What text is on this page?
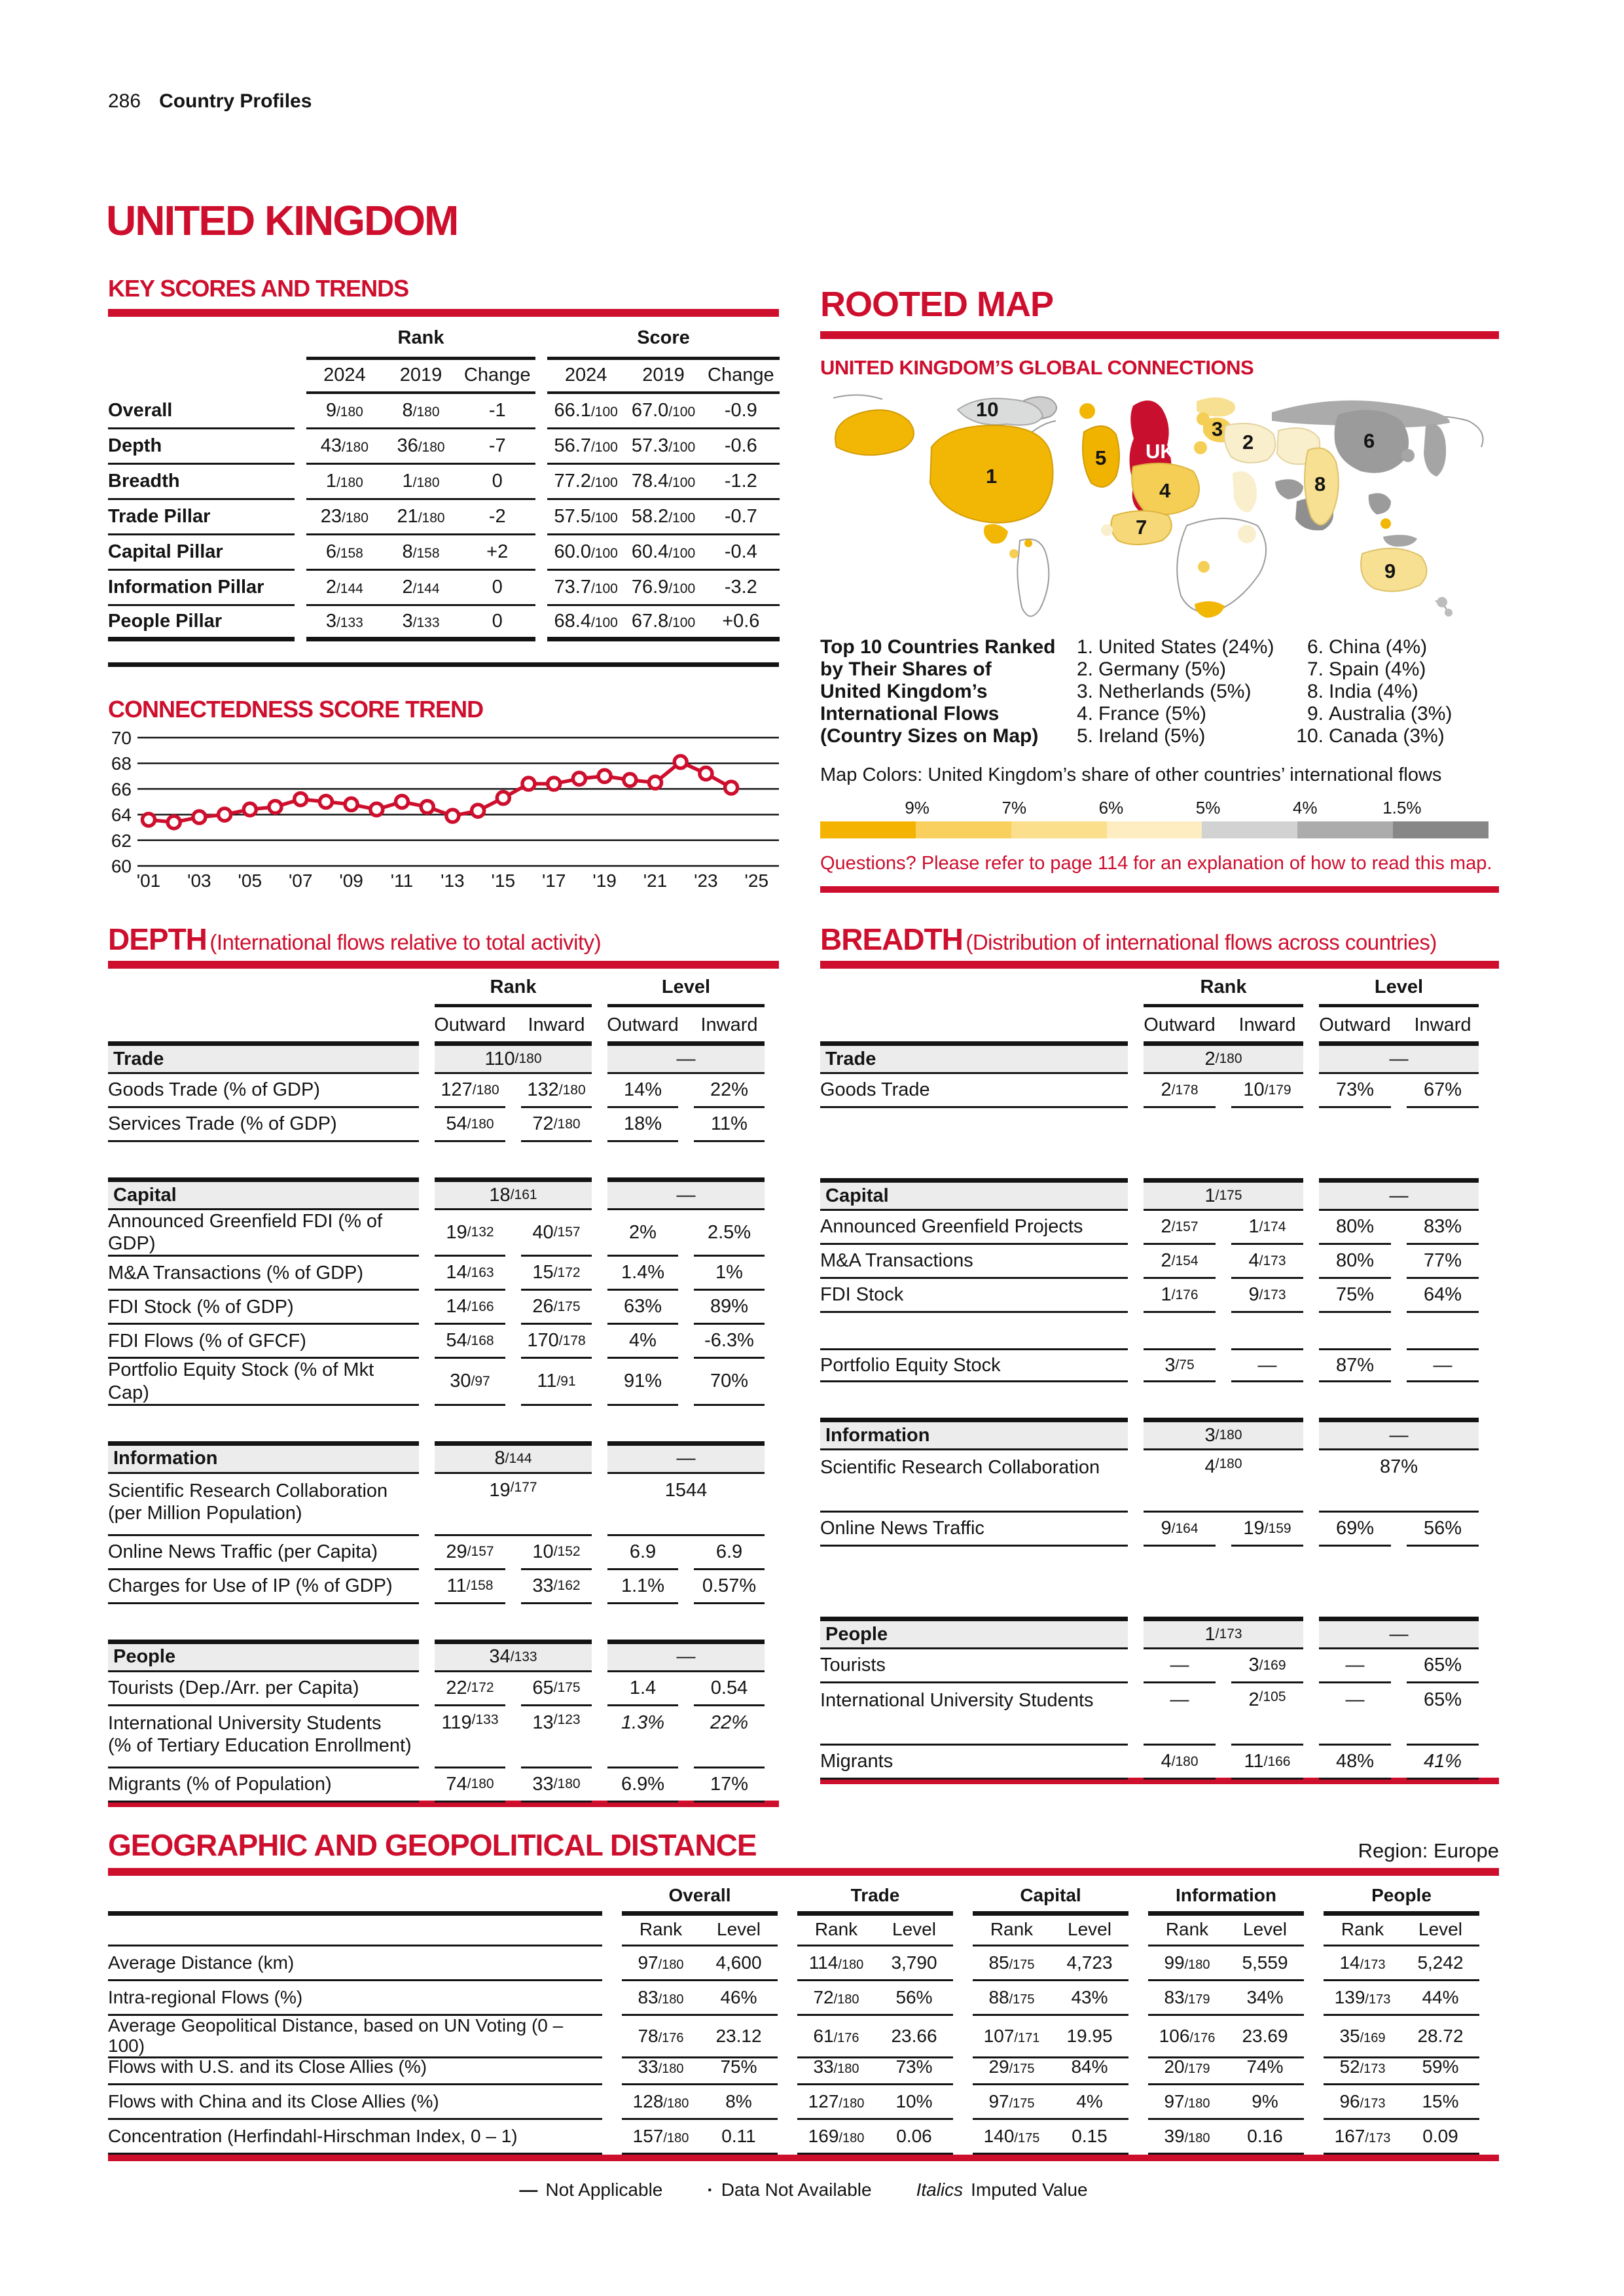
286 Country Profiles
UNITED KINGDOM
KEY SCORES AND TRENDS
Rank	Score
2024	2019	Change	2024	2019	Change
Overall	9/180	8/180	-1	66.1/100 67.0/100	-0.9
Depth	43/180	36/180	-7	56.7/100 57.3/100	-0.6
Breadth	1/180	1/180	0	77.2/100 78.4/100	-1.2
Trade Pillar	23/180	21/180	-2	57.5/100 58.2/100	-0.7
Capital Pillar	6/158	8/158	+2	60.0/100 60.4/100	-0.4
Information Pillar	2/144	2/144	0	73.7/100 76.9/100	-3.2
People Pillar	3/133	3/133	0	68.4/100 67.8/100	+0.6
CONNECTEDNESS SCORE TREND
70
68
66
64
62
60
'01 '03 '05 '07 '09 '11 '13 '15 '17 '19 '21 '23 '25
DEPTH (International flows relative to total activity)
Rank	Level
Outward	Inward	Outward	Inward
Trade	110 /180	—
Goods Trade (% of GDP)	127 /180 132 /180 14%	22%
Services Trade (% of GDP)	54 /180 72 /180 18%	11%
Capital	18 /161	—
Announced Greenfield FDI (% of GDP)
19 /132 40 /157	2%	2.5%
M&A Transactions (% of GDP)	14 /163 15 /172 1.4%	1%
FDI Stock (% of GDP)	14 /166 26 /175 63%	89%
FDI Flows (% of GFCF)	54 /168 170 /178 4%	-6.3%
Portfolio Equity Stock (% of Mkt Cap)
30 /97 11 /91	91%	70%
Information	8 /144	—
Scientific Research Collaboration
(per Million Population)
19 /177	1544
Online News Traffic (per Capita)	29 /157 10 /152	6.9	6.9
Charges for Use of IP (% of GDP)	11 /158 33 /162 1.1% 0.57%
People	34 /133	—
Tourists (Dep./Arr. per Capita)	22 /172 65 /175	1.4	0.54
International University Students
(% of Tertiary Education Enrollment)
119 /133 13 /123 1.3% 22%
Migrants (% of Population)	74 /180 33 /180 6.9% 17%
ROOTED MAP
UNITED KINGDOM’S GLOBAL CONNECTIONS
UK
1
2
3
4
5
6
7
8
9
10
Top 10 Countries Ranked
by Their Shares of
United Kingdom’s
International Flows
(Country Sizes on Map)
1. United States (24%)
2. Germany (5%)
3. Netherlands (5%)
4. France (5%)
5. Ireland (5%)
6. China (4%)
7. Spain (4%)
8. India (4%)
9. Australia (3%)
10. Canada (3%)
Map Colors: United Kingdom’s share of other countries’ international flows
9%	7%	6%	5%	4%	1.5%
Questions? Please refer to page 114 for an explanation of how to read this map.
BREADTH (Distribution of international flows across countries)
Rank	Level
Outward	Inward	Outward	Inward
Trade	2 /180	—
Goods Trade	2 /178 10 /179 73%	67%
Capital	1 /175	—
Announced Greenfield Projects	2 /157	1 /174	80%	83%
M&A Transactions	2 /154	4 /173	80%	77%
FDI Stock	1 /176	9 /173	75%	64%
Portfolio Equity Stock	3 /75	—	87%	—
Information	3 /180	—
Scientific Research Collaboration	4 /180	87%
Online News Traffic	9 /164 19 /159 69%	56%
People	1 /173	—
Tourists	—	3 /169	—	65%
International University Students	—	2 /105	—	65%
Migrants	4 /180 11 /166 48%	41%
GEOGRAPHIC AND GEOPOLITICAL DISTANCE	Region: Europe
Overall	Trade	Capital	Information	People
Rank	Level	Rank	Level	Rank	Level	Rank	Level	Rank	Level
Average Distance (km)	97/180	4,600	114/180	3,790	85/175	4,723	99/180	5,559	14/173	5,242
Intra-regional Flows (%)	83/180	46%	72/180	56%	88/175	43%	83/179	34%	139/173	44%
Average Geopolitical Distance, based on UN Voting (0 – 100)	78/176	23.12	61/176	23.66	107/171	19.95	106/176	23.69	35/169	28.72
Flows with U.S. and its Close Allies (%)	33/180	75%	33/180	73%	29/175	84%	20/179	74%	52/173	59%
Flows with China and its Close Allies (%)	128/180	8%	127/180	10%	97/175	4%	97/180	9%	96/173	15%
Concentration (Herfindahl-Hirschman Index, 0 – 1)	157/180	0.11	169/180	0.06	140/175	0.15	39/180	0.16	167/173	0.09
— Not Applicable · Data Not Available Italics Imputed Value
